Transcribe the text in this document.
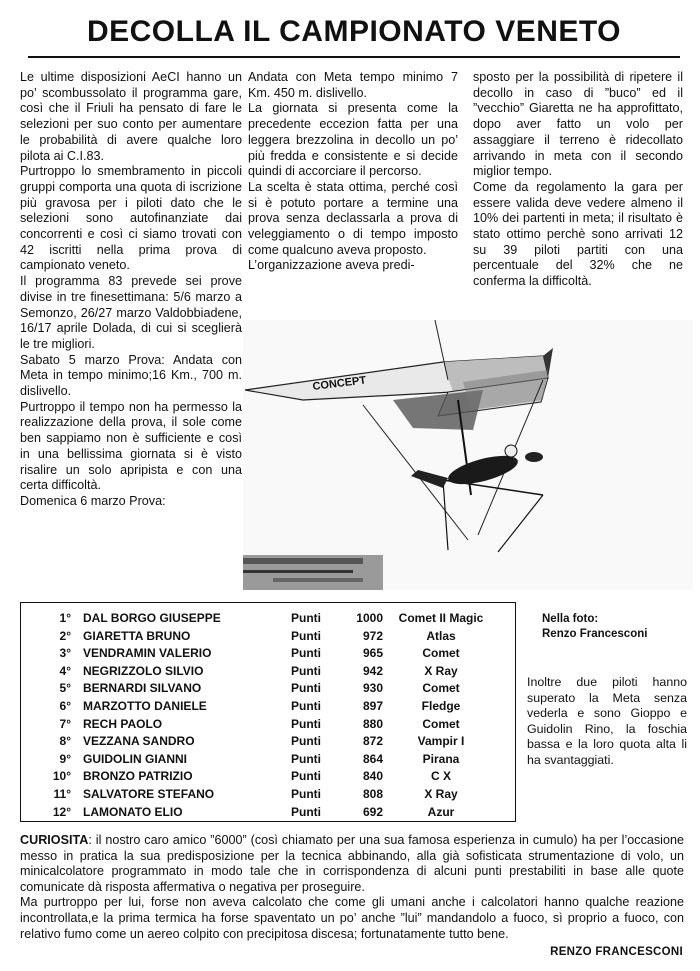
DECOLLA IL CAMPIONATO VENETO

Le ultime disposizioni AeCI hanno un po’ scombussolato il programma gare, così che il Friuli ha pensato di fare le selezioni per suo conto per aumentare le probabilità di avere qualche loro pilota ai C.I.83.

Purtroppo lo smembramento in piccoli gruppi comporta una quota di iscrizione più gravosa per i piloti dato che le selezioni sono autofinanziate dai concorrenti e così ci siamo trovati con 42 iscritti nella prima prova di campionato veneto.

Il programma 83 prevede sei prove divise in tre finesettimana: 5/6 marzo a Semonzo, 26/27 marzo Valdobbiadene, 16/17 aprile Dolada, di cui si sceglierà le tre migliori.

Sabato 5 marzo Prova: Andata con Meta in tempo minimo;16 Km., 700 m. dislivello.

Purtroppo il tempo non ha permesso la realizzazione della prova, il sole come ben sappiamo non è sufficiente e così in una bellissima giornata si è visto risalire un solo apripista e con una certa difficoltà.

Domenica 6 marzo Prova:

Andata con Meta tempo minimo 7 Km. 450 m. dislivello.

La giornata si presenta come la precedente eccezion fatta per una leggera brezzolina in decollo un po’ più fredda e consistente e si decide quindi di accorciare il percorso.

La scelta è stata ottima, perché così si è potuto portare a termine una prova senza declassarla a prova di veleggiamento o di tempo imposto come qualcuno aveva proposto.

L’organizzazione aveva predi-

sposto per la possibilità di ripetere il decollo in caso di ”buco” ed il ”vecchio” Giaretta ne ha approfittato, dopo aver fatto un volo per assaggiare il terreno è ridecollato arrivando in meta con il secondo miglior tempo.

Come da regolamento la gara per essere valida deve vedere almeno il 10% dei partenti in meta; il risultato è stato ottimo perchè sono arrivati 12 su 39 piloti partiti con una percentuale del 32% che ne conferma la difficoltà.

CONCEPT
1° DAL BORGO GIUSEPPE	Punti	1000	Comet II Magic
2° GIARETTA BRUNO	Punti	972	Atlas
3° VENDRAMIN VALERIO	Punti	965	Comet
4° NEGRIZZOLO SILVIO	Punti	942	X Ray
5° BERNARDI SILVANO	Punti	930	Comet
6° MARZOTTO DANIELE	Punti	897	Fledge
7° RECH PAOLO	Punti	880	Comet
8° VEZZANA SANDRO	Punti	872	Vampir I
9° GUIDOLIN GIANNI	Punti	864	Pirana
10° BRONZO PATRIZIO	Punti	840	C X
11° SALVATORE STEFANO	Punti	808	X Ray
12° LAMONATO ELIO	Punti	692	Azur
Nella foto:
Renzo Francesconi
Inoltre due piloti hanno superato la Meta senza vederla e sono Gioppo e Guidolin Rino, la foschia bassa e la loro quota alta li ha svantaggiati.
CURIOSITA: il nostro caro amico ”6000” (così chiamato per una sua famosa esperienza in cumulo) ha per l’occasione messo in pratica la sua predisposizione per la tecnica abbinando, alla già sofisticata strumentazione di volo, un minicalcolatore programmato in modo tale che in corrispondenza di alcuni punti prestabiliti in base alle quote comunicate dà risposta affermativa o negativa per proseguire.
Ma purtroppo per lui, forse non aveva calcolato che come gli umani anche i calcolatori hanno qualche reazione incontrollata,e la prima termica ha forse spaventato un po’ anche ”lui” mandandolo a fuoco, sì proprio a fuoco, con relativo fumo come un aereo colpito con precipitosa discesa; fortunatamente tutto bene.
RENZO FRANCESCONI
